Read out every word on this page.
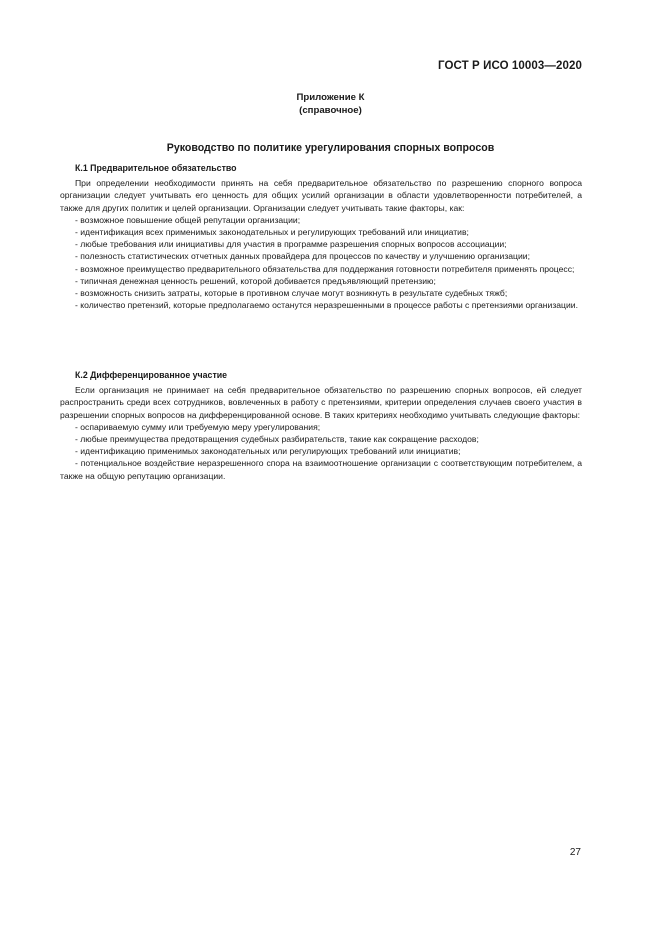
ГОСТ Р ИСО 10003—2020
Приложение К
(справочное)
Руководство по политике урегулирования спорных вопросов
К.1 Предварительное обязательство

При определении необходимости принять на себя предварительное обязательство по разрешению спорного вопроса организации следует учитывать его ценность для общих усилий организации в области удовлетворенности потребителей, а также для других политик и целей организации. Организации следует учитывать такие факторы, как:

- возможное повышение общей репутации организации;

- идентификация всех применимых законодательных и регулирующих требований или инициатив;

- любые требования или инициативы для участия в программе разрешения спорных вопросов ассоциации;

- полезность статистических отчетных данных провайдера для процессов по качеству и улучшению организации;

- возможное преимущество предварительного обязательства для поддержания готовности потребителя применять процесс;

- типичная денежная ценность решений, которой добивается предъявляющий претензию;

- возможность снизить затраты, которые в противном случае могут возникнуть в результате судебных тяжб;

- количество претензий, которые предполагаемо останутся неразрешенными в процессе работы с претензиями организации.

К.2 Дифференцированное участие

Если организация не принимает на себя предварительное обязательство по разрешению спорных вопросов, ей следует распространить среди всех сотрудников, вовлеченных в работу с претензиями, критерии определения случаев своего участия в разрешении спорных вопросов на дифференцированной основе. В таких критериях необходимо учитывать следующие факторы:

- оспариваемую сумму или требуемую меру урегулирования;

- любые преимущества предотвращения судебных разбирательств, такие как сокращение расходов;

- идентификацию применимых законодательных или регулирующих требований или инициатив;

- потенциальное воздействие неразрешенного спора на взаимоотношение организации с соответствующим потребителем, а также на общую репутацию организации.

27
